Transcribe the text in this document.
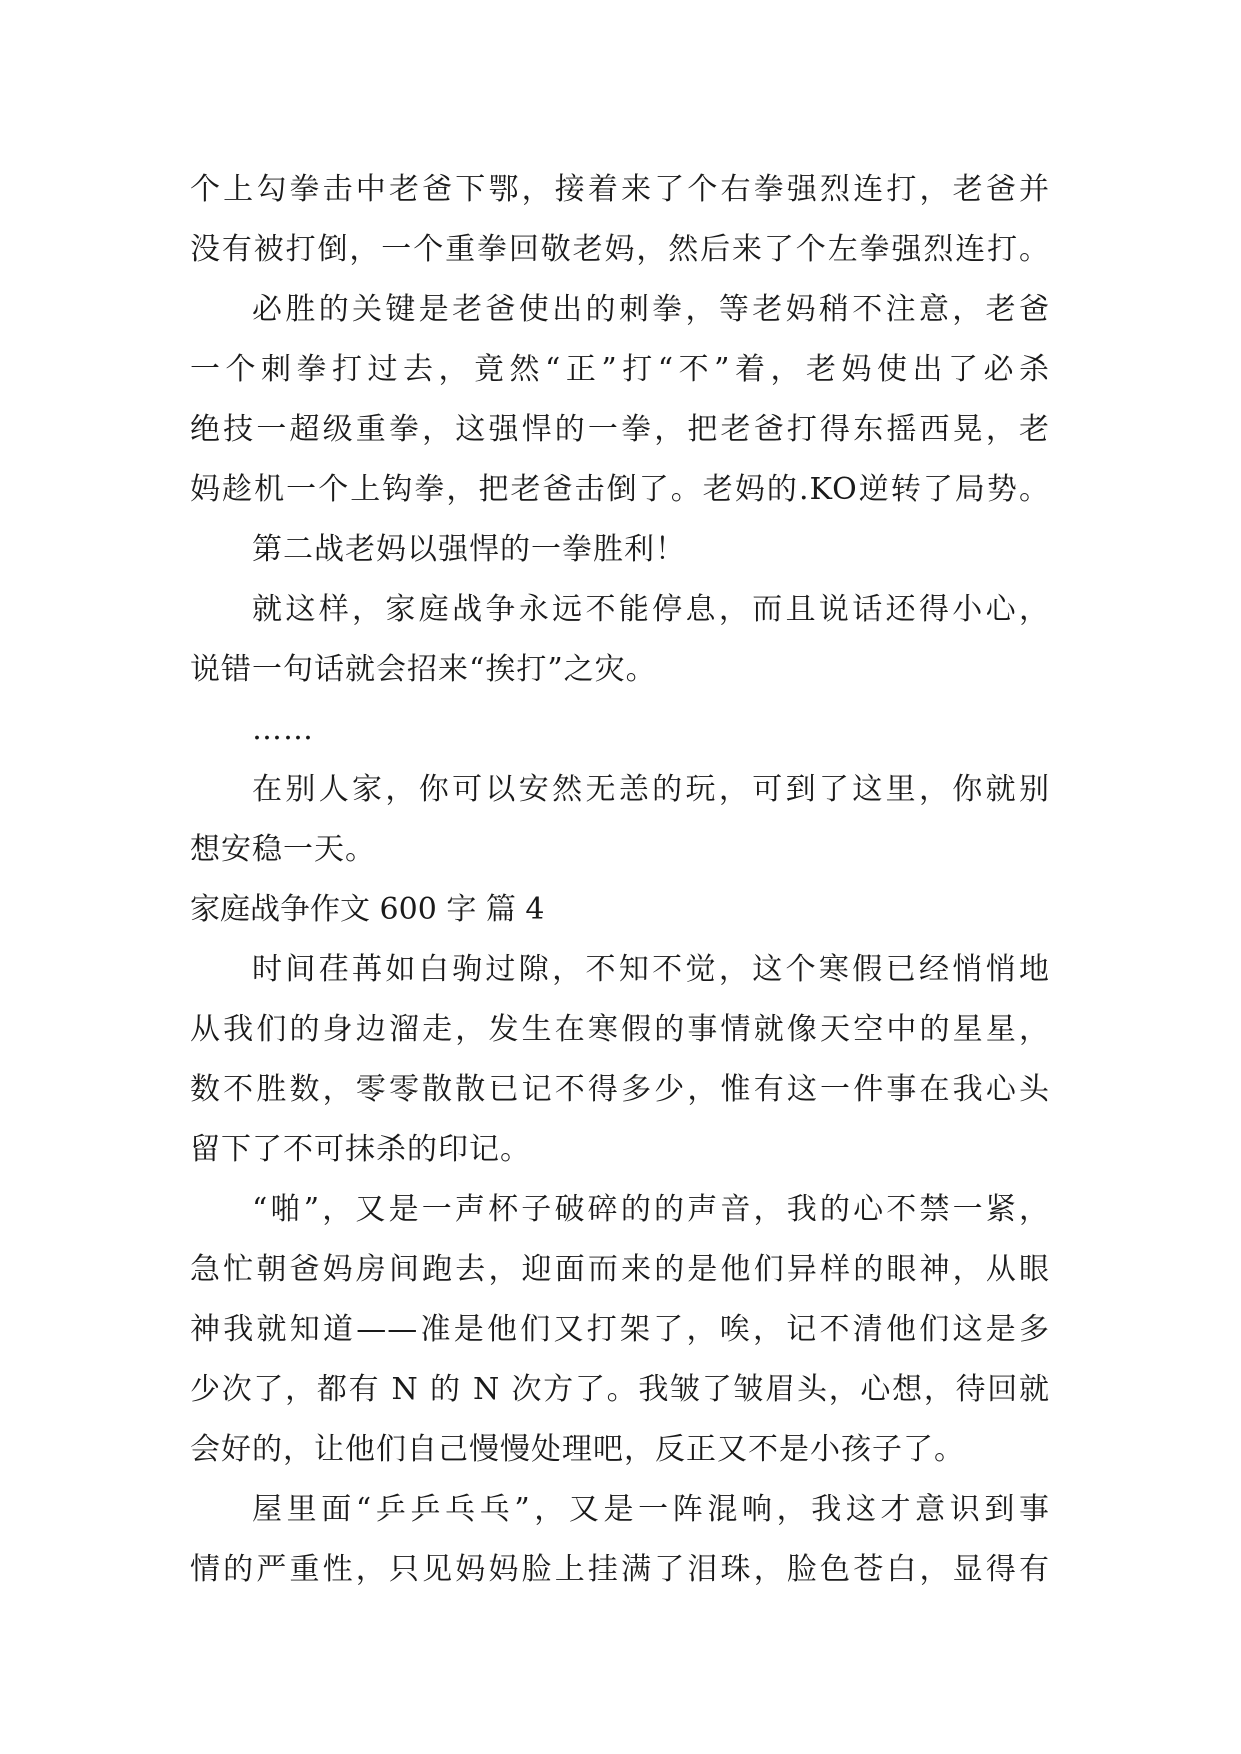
个上勾拳击中老爸下鄂，接着来了个右拳强烈连打，老爸并
没有被打倒，一个重拳回敬老妈，然后来了个左拳强烈连打。
必胜的关键是老爸使出的刺拳，等老妈稍不注意，老爸
一个刺拳打过去，竟然“正”打“不”着，老妈使出了必杀
绝技一超级重拳，这强悍的一拳，把老爸打得东摇西晃，老
妈趁机一个上钩拳，把老爸击倒了。老妈的.KO逆转了局势。
第二战老妈以强悍的一拳胜利！
就这样，家庭战争永远不能停息，而且说话还得小心，
说错一句话就会招来“挨打”之灾。
……
在别人家，你可以安然无恙的玩，可到了这里，你就别
想安稳一天。
家庭战争作文 600 字 篇 4
时间荏苒如白驹过隙，不知不觉，这个寒假已经悄悄地
从我们的身边溜走，发生在寒假的事情就像天空中的星星，
数不胜数，零零散散已记不得多少，惟有这一件事在我心头
留下了不可抹杀的印记。
“啪”，又是一声杯子破碎的的声音，我的心不禁一紧，
急忙朝爸妈房间跑去，迎面而来的是他们异样的眼神，从眼
神我就知道——准是他们又打架了，唉，记不清他们这是多
少次了，都有 N 的 N 次方了。我皱了皱眉头，心想，待回就
会好的，让他们自己慢慢处理吧，反正又不是小孩子了。
屋里面“乒乒乓乓”，又是一阵混响，我这才意识到事
情的严重性，只见妈妈脸上挂满了泪珠，脸色苍白，显得有
